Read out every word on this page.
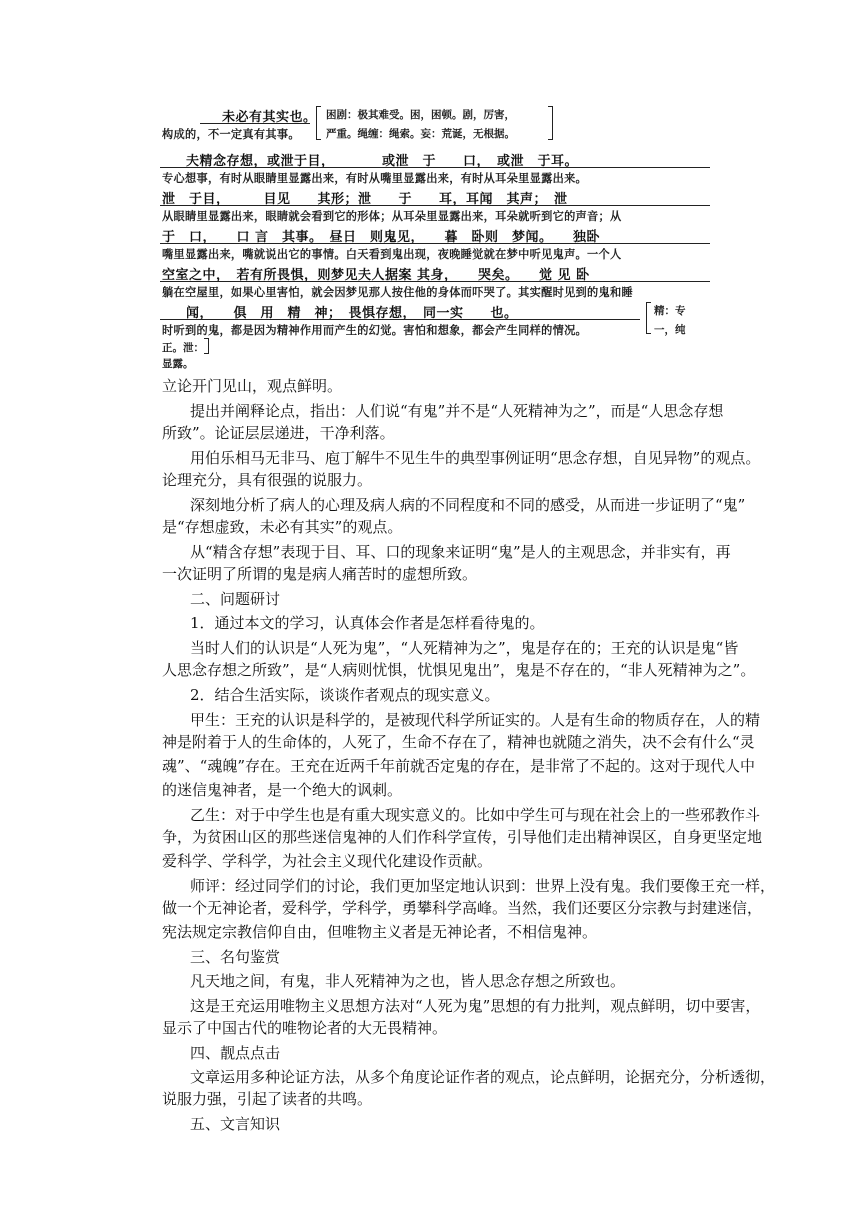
未必有其实也。
构成的，不一定真有其事。
困剧：极其难受。困，困顿。剧，厉害，
严重。绳缠：绳索。妄：荒诞，无根据。
夫精念存想，或泄于目，　　　　或泄　于　　口，　或泄　于耳。
专心想事，有时从眼睛里显露出来，有时从嘴里显露出来，有时从耳朵里显露出来。
泄　于目，　　　目见　　其形；泄　　于　　耳，耳闻　其声；　泄
从眼睛里显露出来，眼睛就会看到它的形体；从耳朵里显露出来，耳朵就听到它的声音；从
于　口，　　口 言　其事。　昼日　则鬼见，　　暮　卧则　梦闻。　　独卧
嘴里显露出来，嘴就说出它的事情。白天看到鬼出现，夜晚睡觉就在梦中听见鬼声。一个人
空室之中，　若有所畏惧，则梦见夫人据案 其身，　　哭矣。　　觉 见 卧
躺在空屋里，如果心里害怕，就会因梦见那人按住他的身体而吓哭了。其实醒时见到的鬼和睡
闻，　　俱　用　精　神；　畏惧存想，　同一实　　也。
时听到的鬼，都是因为精神作用而产生的幻觉。害怕和想象，都会产生同样的情况。
精：专
一，纯
正。泄：
显露。
立论开门见山，观点鲜明。
提出并阐释论点，指出：人们说“有鬼”并不是“人死精神为之”，而是“人思念存想
所致”。论证层层递进，干净利落。
用伯乐相马无非马、庖丁解牛不见生牛的典型事例证明“思念存想，自见异物”的观点。
论理充分，具有很强的说服力。
深刻地分析了病人的心理及病人病的不同程度和不同的感受，从而进一步证明了“鬼”
是“存想虚致，未必有其实”的观点。
从“精含存想”表现于目、耳、口的现象来证明“鬼”是人的主观思念，并非实有，再
一次证明了所谓的鬼是病人痛苦时的虚想所致。
二、问题研讨
1．通过本文的学习，认真体会作者是怎样看待鬼的。
当时人们的认识是“人死为鬼”，“人死精神为之”，鬼是存在的；王充的认识是鬼“皆
人思念存想之所致”，是“人病则忧惧，忧惧见鬼出”，鬼是不存在的，“非人死精神为之”。
2．结合生活实际，谈谈作者观点的现实意义。
甲生：王充的认识是科学的，是被现代科学所证实的。人是有生命的物质存在，人的精
神是附着于人的生命体的，人死了，生命不存在了，精神也就随之消失，决不会有什么“灵
魂”、“魂魄”存在。王充在近两千年前就否定鬼的存在，是非常了不起的。这对于现代人中
的迷信鬼神者，是一个绝大的讽刺。
乙生：对于中学生也是有重大现实意义的。比如中学生可与现在社会上的一些邪教作斗
争，为贫困山区的那些迷信鬼神的人们作科学宣传，引导他们走出精神误区，自身更坚定地
爱科学、学科学，为社会主义现代化建设作贡献。
师评：经过同学们的讨论，我们更加坚定地认识到：世界上没有鬼。我们要像王充一样，
做一个无神论者，爱科学，学科学，勇攀科学高峰。当然，我们还要区分宗教与封建迷信，
宪法规定宗教信仰自由，但唯物主义者是无神论者，不相信鬼神。
三、名句鉴赏
凡天地之间，有鬼，非人死精神为之也，皆人思念存想之所致也。
这是王充运用唯物主义思想方法对“人死为鬼”思想的有力批判，观点鲜明，切中要害，
显示了中国古代的唯物论者的大无畏精神。
四、靓点点击
文章运用多种论证方法，从多个角度论证作者的观点，论点鲜明，论据充分，分析透彻，
说服力强，引起了读者的共鸣。
五、文言知识
